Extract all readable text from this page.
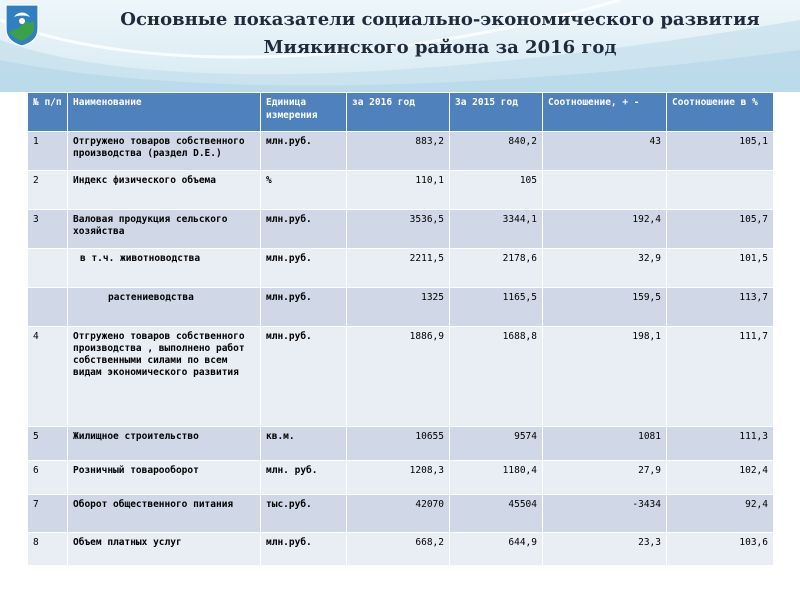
Основные показатели социально-экономического развития
Миякинского района за 2016 год
№ п/п	Наименование	Единица измерения	за 2016 год	За 2015 год	Соотношение, + -	Соотношение в %
1	Отгружено товаров собственного производства (раздел D.E.)	млн.руб.	883,2	840,2	43	105,1
2	Индекс физического объема	%	110,1	105		
3	Валовая продукция сельского хозяйства	млн.руб.	3536,5	3344,1	192,4	105,7
	в т.ч. животноводства	млн.руб.	2211,5	2178,6	32,9	101,5
	растениеводства	млн.руб.	1325	1165,5	159,5	113,7
4	Отгружено товаров собственного производства , выполнено работ собственными силами по всем видам экономического развития	млн.руб.	1886,9	1688,8	198,1	111,7
5	Жилищное строительство	кв.м.	10655	9574	1081	111,3
6	Розничный товарооборот	млн. руб.	1208,3	1180,4	27,9	102,4
7	Оборот общественного питания	тыс.руб.	42070	45504	-3434	92,4
8	Объем платных услуг	млн.руб.	668,2	644,9	23,3	103,6
